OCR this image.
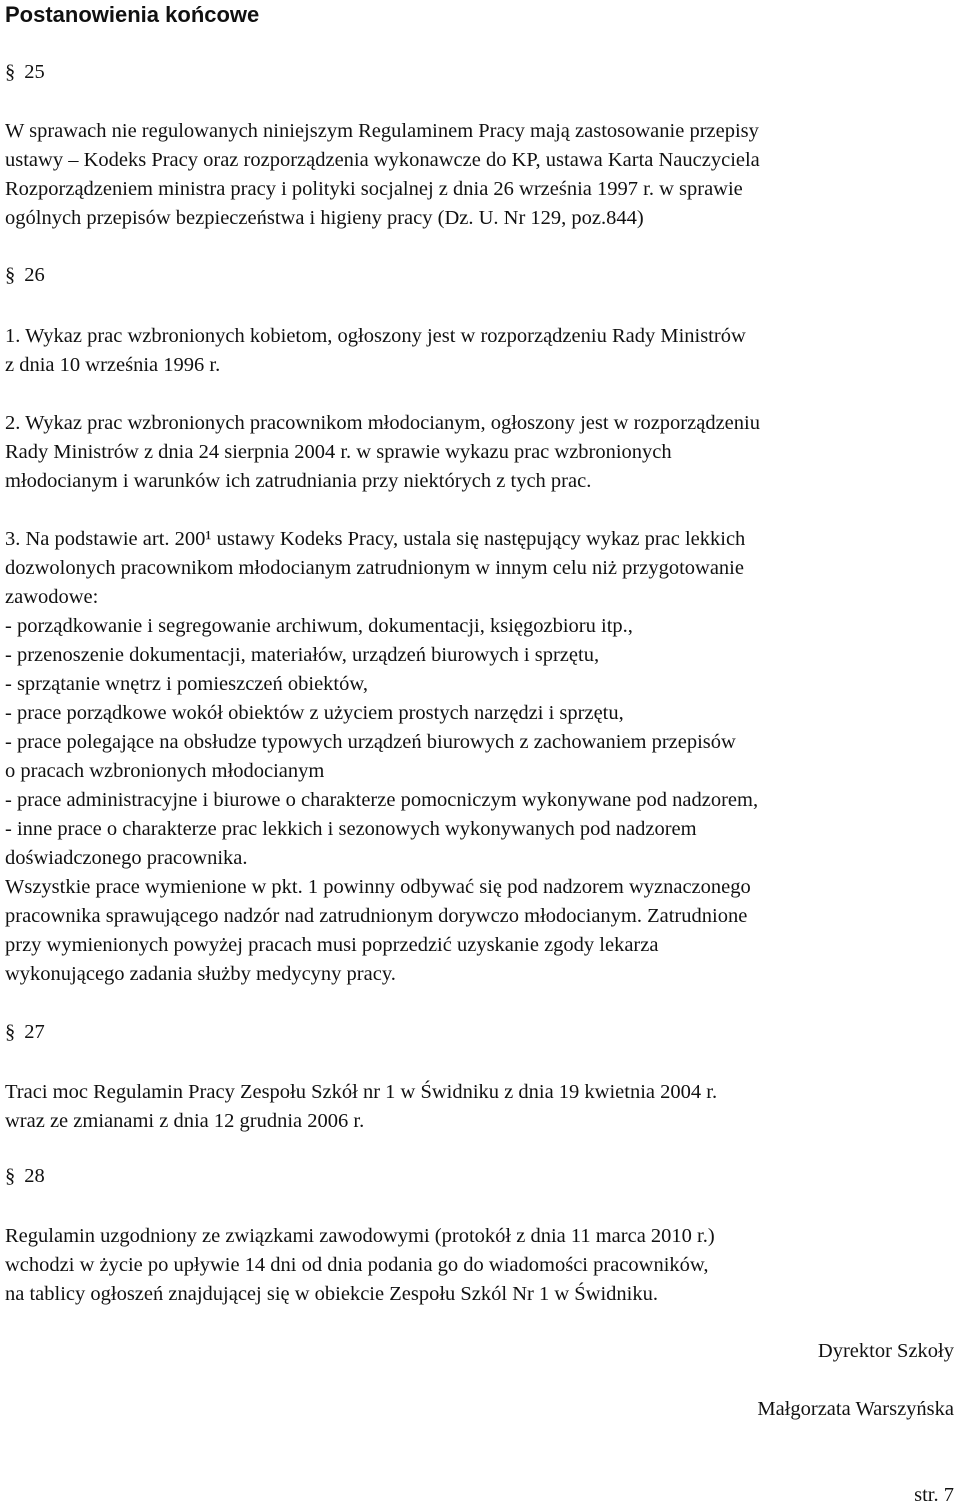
Postanowienia końcowe
§ 25
W sprawach nie regulowanych niniejszym Regulaminem Pracy mają zastosowanie przepisy
ustawy – Kodeks Pracy oraz rozporządzenia wykonawcze do KP, ustawa Karta Nauczyciela
Rozporządzeniem ministra pracy i polityki socjalnej z dnia 26 września 1997 r. w sprawie
ogólnych przepisów bezpieczeństwa i higieny pracy (Dz. U. Nr 129, poz.844)
§ 26
1. Wykaz prac wzbronionych kobietom, ogłoszony jest w rozporządzeniu Rady Ministrów
z dnia 10 września 1996 r.
2. Wykaz prac wzbronionych pracownikom młodocianym, ogłoszony jest w rozporządzeniu
Rady Ministrów z dnia 24 sierpnia 2004 r. w sprawie wykazu prac wzbronionych
młodocianym i warunków ich zatrudniania przy niektórych z tych prac.
3. Na podstawie art. 200¹ ustawy Kodeks Pracy, ustala się następujący wykaz prac lekkich
dozwolonych pracownikom młodocianym zatrudnionym w innym celu niż przygotowanie
zawodowe:
- porządkowanie i segregowanie archiwum, dokumentacji, księgozbioru itp.,
- przenoszenie dokumentacji, materiałów, urządzeń biurowych i sprzętu,
- sprzątanie wnętrz i pomieszczeń obiektów,
- prace porządkowe wokół obiektów z użyciem prostych narzędzi i sprzętu,
- prace polegające na obsłudze typowych urządzeń biurowych z zachowaniem przepisów
o pracach wzbronionych młodocianym
- prace administracyjne i biurowe o charakterze pomocniczym wykonywane pod nadzorem,
- inne prace o charakterze prac lekkich i sezonowych wykonywanych pod nadzorem
doświadczonego pracownika.
Wszystkie prace wymienione w pkt. 1 powinny odbywać się pod nadzorem wyznaczonego
pracownika sprawującego nadzór nad zatrudnionym dorywczo młodocianym. Zatrudnione
przy wymienionych powyżej pracach musi poprzedzić uzyskanie zgody lekarza
wykonującego zadania służby medycyny pracy.
§ 27
Traci moc Regulamin Pracy Zespołu Szkół nr 1 w Świdniku z dnia 19 kwietnia 2004 r.
wraz ze zmianami z dnia 12 grudnia 2006 r.
§ 28
Regulamin uzgodniony ze związkami zawodowymi (protokół z dnia 11 marca 2010 r.)
wchodzi w życie po upływie 14 dni od dnia podania go do wiadomości pracowników,
na tablicy ogłoszeń znajdującej się w obiekcie Zespołu Szkól Nr 1 w Świdniku.
Dyrektor Szkoły
Małgorzata Warszyńska
str. 7
